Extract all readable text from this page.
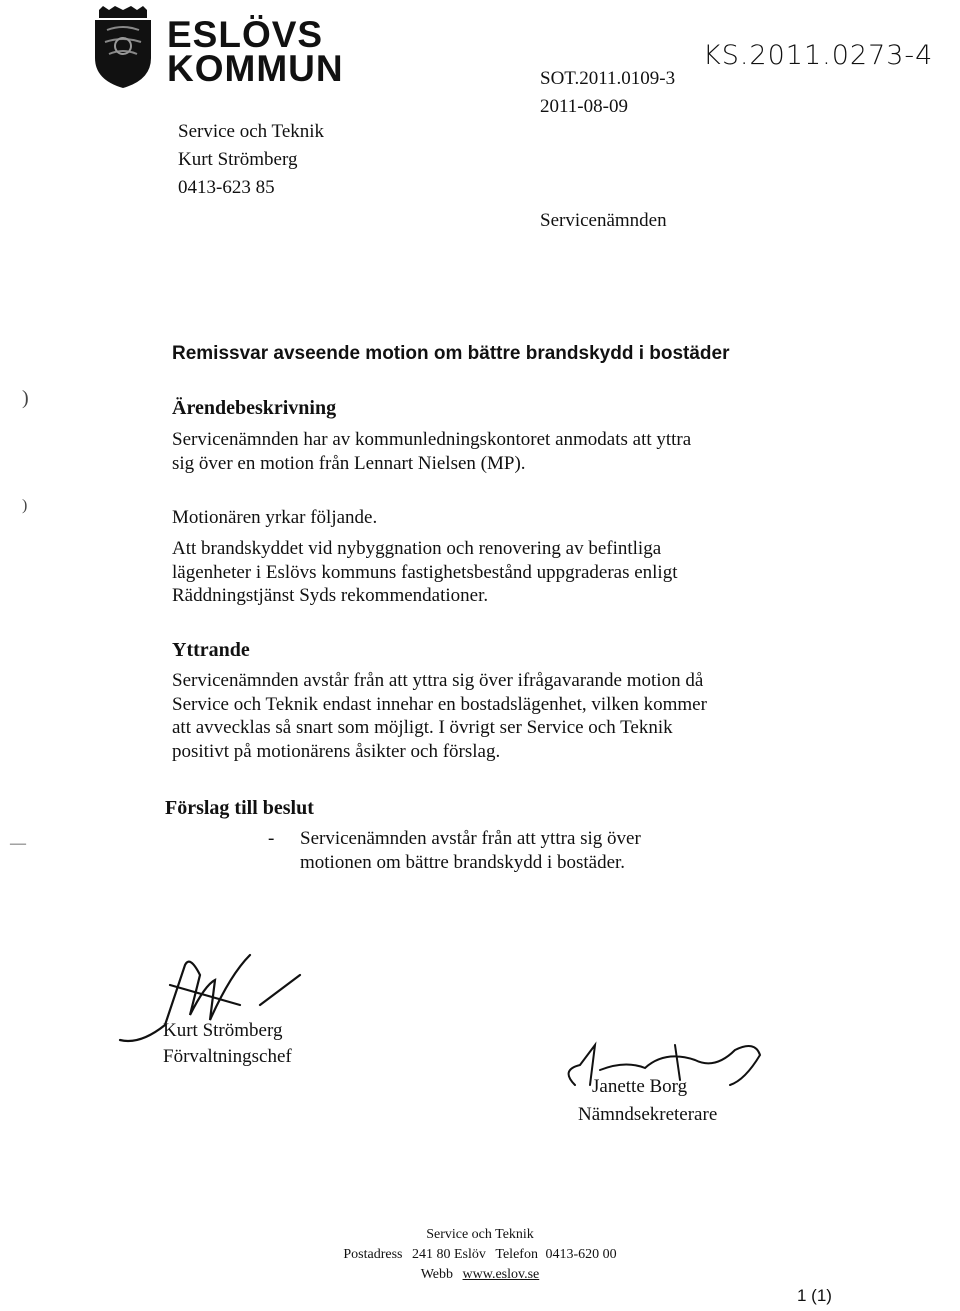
ESLÖVS
KOMMUN
Service och Teknik
Kurt Strömberg
0413-623 85
SOT.2011.0109-3
2011-08-09
Servicenämnden
KS.2011.0273-4
Remissvar avseende motion om bättre brandskydd i bostäder
Ärendebeskrivning
Servicenämnden har av kommunledningskontoret anmodats att yttra
sig över en motion från Lennart Nielsen (MP).
Motionären yrkar följande.
Att brandskyddet vid nybyggnation och renovering av befintliga
lägenheter i Eslövs kommuns fastighetsbestånd uppgraderas enligt
Räddningstjänst Syds rekommendationer.
Yttrande
Servicenämnden avstår från att yttra sig över ifrågavarande motion då
Service och Teknik endast innehar en bostadslägenhet, vilken kommer
att avvecklas så snart som möjligt. I övrigt ser Service och Teknik
positivt på motionärens åsikter och förslag.
Förslag till beslut
-	Servicenämnden avstår från att yttra sig över
motionen om bättre brandskydd i bostäder.
)
)
—
Kurt Strömberg
Förvaltningschef
Janette Borg
Nämndsekreterare
Service och Teknik
Postadress 241 80 Eslöv Telefon 0413-620 00
Webb www.eslov.se
1 (1)
